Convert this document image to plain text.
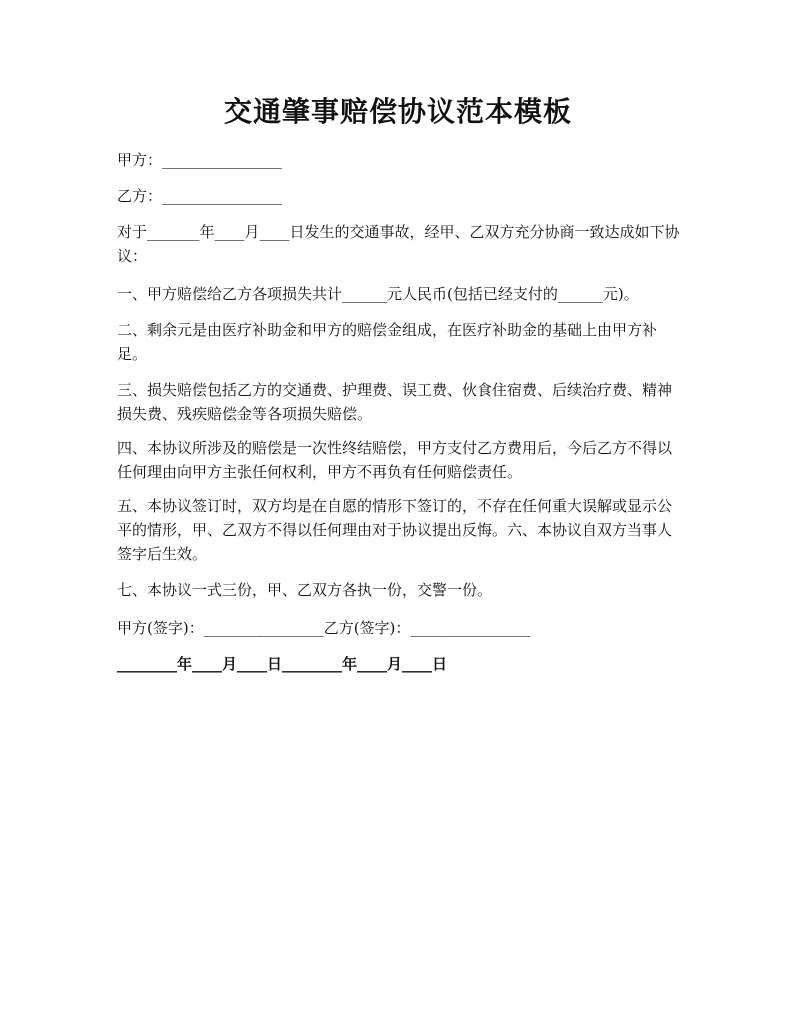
交通肇事赔偿协议范本模板

甲方：________________

乙方：________________

对于_______年____月____日发生的交通事故，经甲、乙双方充分协商一致达成如下协议：

一、甲方赔偿给乙方各项损失共计______元人民币(包括已经支付的______元)。

二、剩余元是由医疗补助金和甲方的赔偿金组成，在医疗补助金的基础上由甲方补足。

三、损失赔偿包括乙方的交通费、护理费、误工费、伙食住宿费、后续治疗费、精神损失费、残疾赔偿金等各项损失赔偿。

四、本协议所涉及的赔偿是一次性终结赔偿，甲方支付乙方费用后，今后乙方不得以任何理由向甲方主张任何权利，甲方不再负有任何赔偿责任。

五、本协议签订时，双方均是在自愿的情形下签订的，不存在任何重大误解或显示公平的情形，甲、乙双方不得以任何理由对于协议提出反悔。六、本协议自双方当事人签字后生效。

七、本协议一式三份，甲、乙双方各执一份，交警一份。

甲方(签字)：________________乙方(签字)：________________

________年____月____日________年____月____日
